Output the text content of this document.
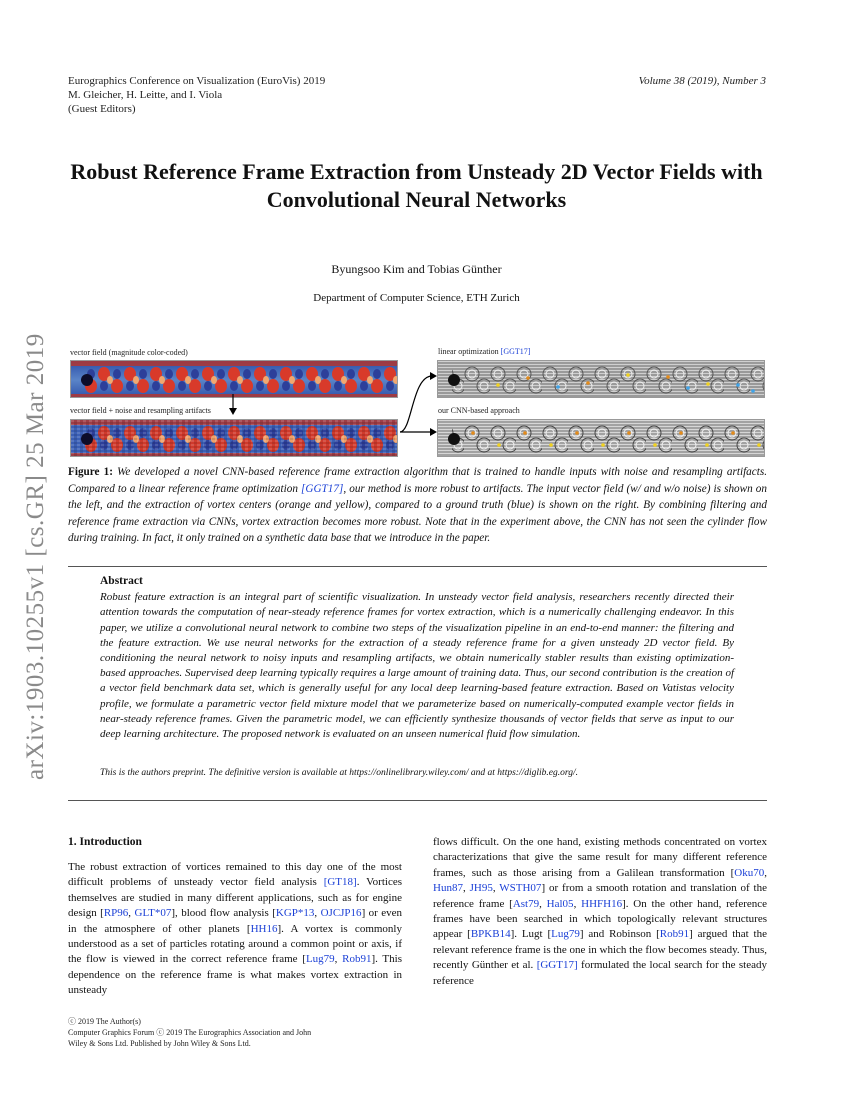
Eurographics Conference on Visualization (EuroVis) 2019
M. Gleicher, H. Leitte, and I. Viola
(Guest Editors)
Volume 38 (2019), Number 3
arXiv:1903.10255v1 [cs.GR] 25 Mar 2019
Robust Reference Frame Extraction from Unsteady 2D Vector Fields with Convolutional Neural Networks
Byungsoo Kim and Tobias Günther
Department of Computer Science, ETH Zurich
vector field (magnitude color-coded)
vector field + noise and resampling artifacts
linear optimization [GGT17]
our CNN-based approach
Figure 1: We developed a novel CNN-based reference frame extraction algorithm that is trained to handle inputs with noise and resampling artifacts. Compared to a linear reference frame optimization [GGT17], our method is more robust to artifacts. The input vector field (w/ and w/o noise) is shown on the left, and the extraction of vortex centers (orange and yellow), compared to a ground truth (blue) is shown on the right. By combining filtering and reference frame extraction via CNNs, vortex extraction becomes more robust. Note that in the experiment above, the CNN has not seen the cylinder flow during training. In fact, it only trained on a synthetic data base that we introduce in the paper.
Abstract
Robust feature extraction is an integral part of scientific visualization. In unsteady vector field analysis, researchers recently directed their attention towards the computation of near-steady reference frames for vortex extraction, which is a numerically challenging endeavor. In this paper, we utilize a convolutional neural network to combine two steps of the visualization pipeline in an end-to-end manner: the filtering and the feature extraction. We use neural networks for the extraction of a steady reference frame for a given unsteady 2D vector field. By conditioning the neural network to noisy inputs and resampling artifacts, we obtain numerically stabler results than existing optimization-based approaches. Supervised deep learning typically requires a large amount of training data. Thus, our second contribution is the creation of a vector field benchmark data set, which is generally useful for any local deep learning-based feature extraction. Based on Vatistas velocity profile, we formulate a parametric vector field mixture model that we parameterize based on numerically-computed example vector fields in near-steady reference frames. Given the parametric model, we can efficiently synthesize thousands of vector fields that serve as input to our deep learning architecture. The proposed network is evaluated on an unseen numerical fluid flow simulation.
This is the authors preprint. The definitive version is available at https://onlinelibrary.wiley.com/ and at https://diglib.eg.org/.
1. Introduction
The robust extraction of vortices remained to this day one of the most difficult problems of unsteady vector field analysis [GT18]. Vortices themselves are studied in many different applications, such as for engine design [RP96, GLT*07], blood flow analysis [KGP*13, OJCJP16] or even in the atmosphere of other planets [HH16]. A vortex is commonly understood as a set of particles rotating around a common point or axis, if the flow is viewed in the correct reference frame [Lug79, Rob91]. This dependence on the reference frame is what makes vortex extraction in unsteady
flows difficult. On the one hand, existing methods concentrated on vortex characterizations that give the same result for many different reference frames, such as those arising from a Galilean transformation [Oku70, Hun87, JH95, WSTH07] or from a smooth rotation and translation of the reference frame [Ast79, Hal05, HHFH16]. On the other hand, reference frames have been searched in which topologically relevant structures appear [BPKB14]. Lugt [Lug79] and Robinson [Rob91] argued that the relevant reference frame is the one in which the flow becomes steady. Thus, recently Günther et al. [GGT17] formulated the local search for the steady reference
ⓒ 2019 The Author(s)
Computer Graphics Forum ⓒ 2019 The Eurographics Association and John
Wiley & Sons Ltd. Published by John Wiley & Sons Ltd.
